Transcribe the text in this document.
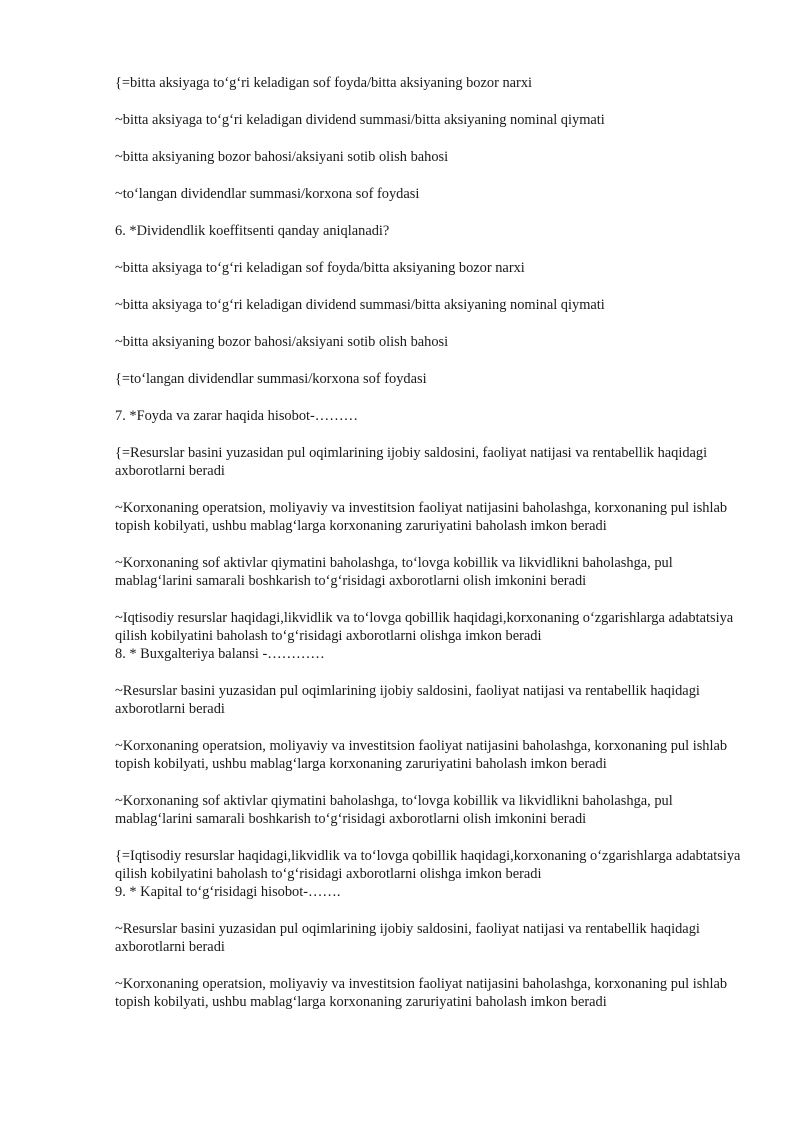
{=bitta aksiyaga to‘g‘ri keladigan sof foyda/bitta aksiyaning bozor narxi

~bitta aksiyaga to‘g‘ri keladigan dividend summasi/bitta aksiyaning nominal qiymati

~bitta aksiyaning bozor bahosi/aksiyani sotib olish bahosi

~to‘langan dividendlar summasi/korxona sof foydasi

6. *Dividendlik koeffitsenti qanday aniqlanadi?

~bitta aksiyaga to‘g‘ri keladigan sof foyda/bitta aksiyaning bozor narxi

~bitta aksiyaga to‘g‘ri keladigan dividend summasi/bitta aksiyaning nominal qiymati

~bitta aksiyaning bozor bahosi/aksiyani sotib olish bahosi

{=to‘langan dividendlar summasi/korxona sof foydasi

7. *Foyda va zarar haqida hisobot-………

{=Resurslar basini yuzasidan pul oqimlarining ijobiy saldosini, faoliyat natijasi va rentabellik haqidagi axborotlarni beradi

~Korxonaning operatsion, moliyaviy va investitsion faoliyat natijasini baholashga, korxonaning pul ishlab topish kobilyati, ushbu mablag‘larga korxonaning zaruriyatini baholash imkon beradi

~Korxonaning sof aktivlar qiymatini baholashga, to‘lovga kobillik va likvidlikni baholashga, pul mablag‘larini samarali boshkarish to‘g‘risidagi axborotlarni olish imkonini beradi

~Iqtisodiy resurslar haqidagi,likvidlik va to‘lovga qobillik haqidagi,korxonaning o‘zgarishlarga adabtatsiya qilish kobilyatini baholash to‘g‘risidagi axborotlarni olishga imkon beradi

8. * Buxgalteriya balansi -…………

~Resurslar basini yuzasidan pul oqimlarining ijobiy saldosini, faoliyat natijasi va rentabellik haqidagi axborotlarni beradi

~Korxonaning operatsion, moliyaviy va investitsion faoliyat natijasini baholashga, korxonaning pul ishlab topish kobilyati, ushbu mablag‘larga korxonaning zaruriyatini baholash imkon beradi

~Korxonaning sof aktivlar qiymatini baholashga, to‘lovga kobillik va likvidlikni baholashga, pul mablag‘larini samarali boshkarish to‘g‘risidagi axborotlarni olish imkonini beradi

{=Iqtisodiy resurslar haqidagi,likvidlik va to‘lovga qobillik haqidagi,korxonaning o‘zgarishlarga adabtatsiya qilish kobilyatini baholash to‘g‘risidagi axborotlarni olishga imkon beradi

9. * Kapital to‘g‘risidagi hisobot-…….

~Resurslar basini yuzasidan pul oqimlarining ijobiy saldosini, faoliyat natijasi va rentabellik haqidagi axborotlarni beradi

~Korxonaning operatsion, moliyaviy va investitsion faoliyat natijasini baholashga, korxonaning pul ishlab topish kobilyati, ushbu mablag‘larga korxonaning zaruriyatini baholash imkon beradi
